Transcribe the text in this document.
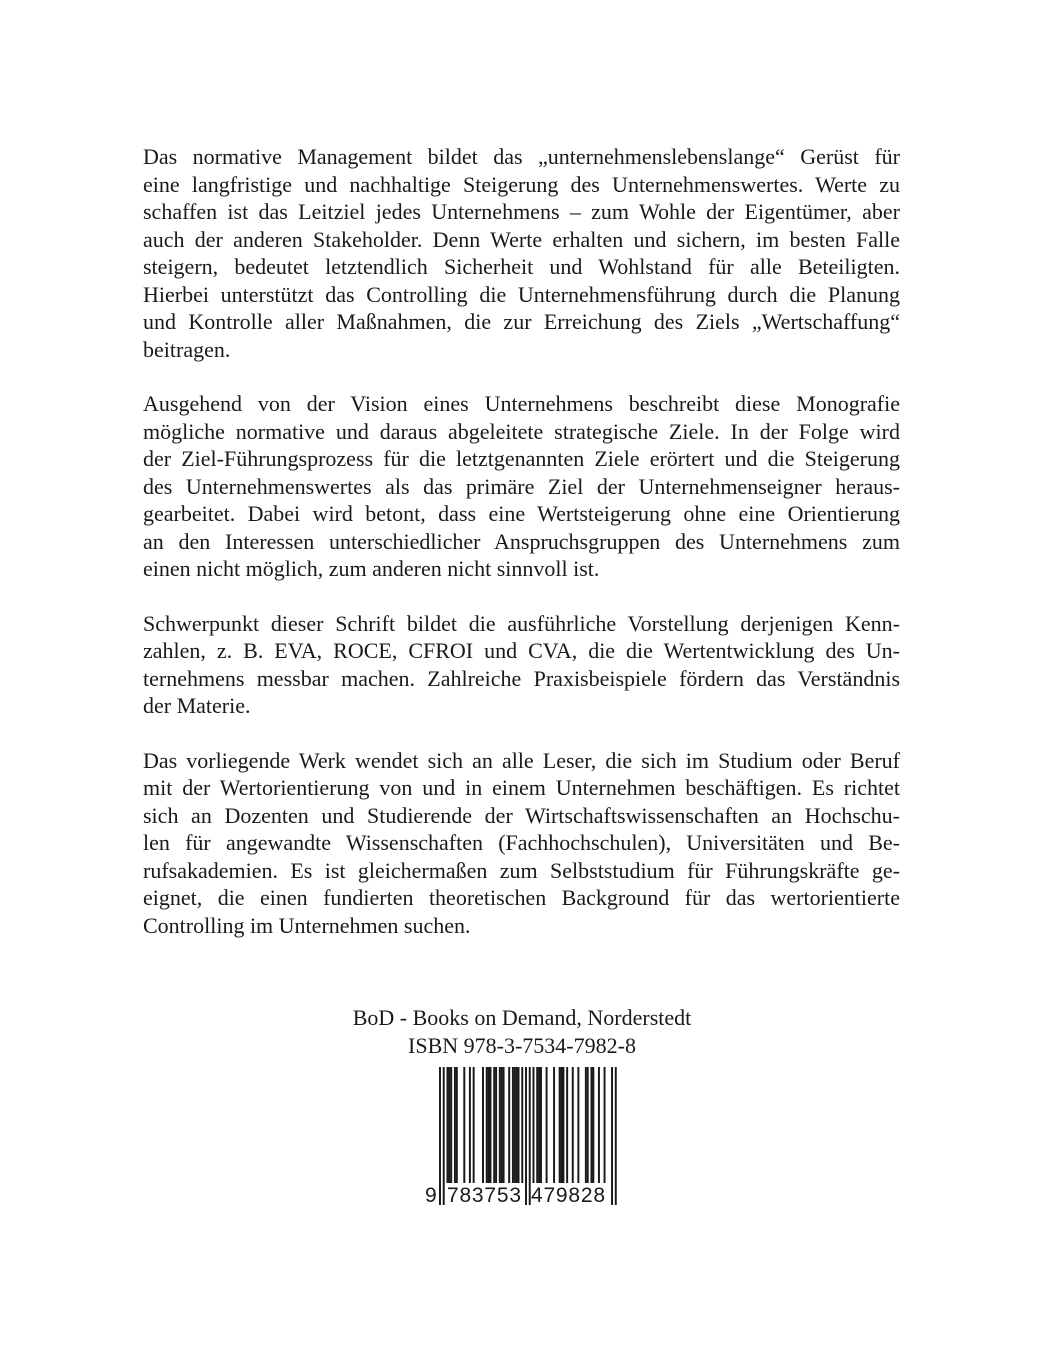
Das normative Management bildet das „unternehmenslebenslange“ Gerüst für
eine langfristige und nachhaltige Steigerung des Unternehmenswertes. Werte zu
schaffen ist das Leitziel jedes Unternehmens – zum Wohle der Eigentümer, aber
auch der anderen Stakeholder. Denn Werte erhalten und sichern, im besten Falle
steigern, bedeutet letztendlich Sicherheit und Wohlstand für alle Beteiligten.
Hierbei unterstützt das Controlling die Unternehmensführung durch die Planung
und Kontrolle aller Maßnahmen, die zur Erreichung des Ziels „Wertschaffung“
beitragen.
Ausgehend von der Vision eines Unternehmens beschreibt diese Monografie
mögliche normative und daraus abgeleitete strategische Ziele. In der Folge wird
der Ziel-Führungsprozess für die letztgenannten Ziele erörtert und die Steigerung
des Unternehmenswertes als das primäre Ziel der Unternehmenseigner heraus-
gearbeitet. Dabei wird betont, dass eine Wertsteigerung ohne eine Orientierung
an den Interessen unterschiedlicher Anspruchsgruppen des Unternehmens zum
einen nicht möglich, zum anderen nicht sinnvoll ist.
Schwerpunkt dieser Schrift bildet die ausführliche Vorstellung derjenigen Kenn-
zahlen, z. B. EVA, ROCE, CFROI und CVA, die die Wertentwicklung des Un-
ternehmens messbar machen. Zahlreiche Praxisbeispiele fördern das Verständnis
der Materie.
Das vorliegende Werk wendet sich an alle Leser, die sich im Studium oder Beruf
mit der Wertorientierung von und in einem Unternehmen beschäftigen. Es richtet
sich an Dozenten und Studierende der Wirtschaftswissenschaften an Hochschu-
len für angewandte Wissenschaften (Fachhochschulen), Universitäten und Be-
rufsakademien. Es ist gleichermaßen zum Selbststudium für Führungskräfte ge-
eignet, die einen fundierten theoretischen Background für das wertorientierte
Controlling im Unternehmen suchen.
BoD - Books on Demand, Norderstedt
ISBN 978-3-7534-7982-8
9 783753 479828
